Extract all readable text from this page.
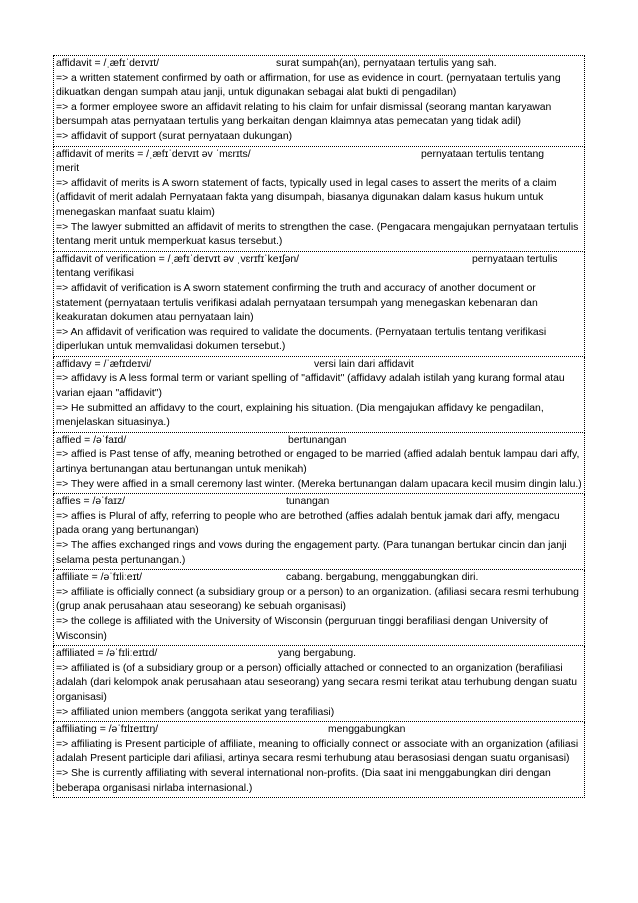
affidavit = /ˌæfɪˈdeɪvɪt/	surat sumpah(an), pernyataan tertulis yang sah.
=> a written statement confirmed by oath or affirmation, for use as evidence in court. (pernyataan tertulis yang dikuatkan dengan sumpah atau janji, untuk digunakan sebagai alat bukti di pengadilan)
=> a former employee swore an affidavit relating to his claim for unfair dismissal (seorang mantan karyawan bersumpah atas pernyataan tertulis yang berkaitan dengan klaimnya atas pemecatan yang tidak adil)
=> affidavit of support (surat pernyataan dukungan)
affidavit of merits = /ˌæfɪˈdeɪvɪt əv ˈmɛrɪts/	pernyataan tertulis tentang
merit
=> affidavit of merits is A sworn statement of facts, typically used in legal cases to assert the merits of a claim (affidavit of merit adalah Pernyataan fakta yang disumpah, biasanya digunakan dalam kasus hukum untuk menegaskan manfaat suatu klaim)
=> The lawyer submitted an affidavit of merits to strengthen the case. (Pengacara mengajukan pernyataan tertulis tentang merit untuk memperkuat kasus tersebut.)
affidavit of verification = /ˌæfɪˈdeɪvɪt əv ˌvɛrɪfɪˈkeɪʃən/	pernyataan tertulis
tentang verifikasi
=> affidavit of verification is A sworn statement confirming the truth and accuracy of another document or statement (pernyataan tertulis verifikasi adalah pernyataan tersumpah yang menegaskan kebenaran dan keakuratan dokumen atau pernyataan lain)
=> An affidavit of verification was required to validate the documents. (Pernyataan tertulis tentang verifikasi diperlukan untuk memvalidasi dokumen tersebut.)
affidavy = /ˈæfɪdeɪvi/	versi lain dari affidavit
=> affidavy is A less formal term or variant spelling of "affidavit" (affidavy adalah istilah yang kurang formal atau varian ejaan "affidavit")
=> He submitted an affidavy to the court, explaining his situation. (Dia mengajukan affidavy ke pengadilan, menjelaskan situasinya.)
affied = /əˈfaɪd/	bertunangan
=> affied is Past tense of affy, meaning betrothed or engaged to be married (affied adalah bentuk lampau dari affy, artinya bertunangan atau bertunangan untuk menikah)
=> They were affied in a small ceremony last winter. (Mereka bertunangan dalam upacara kecil musim dingin lalu.)
affies = /əˈfaɪz/	tunangan
=> affies is Plural of affy, referring to people who are betrothed (affies adalah bentuk jamak dari affy, mengacu pada orang yang bertunangan)
=> The affies exchanged rings and vows during the engagement party. (Para tunangan bertukar cincin dan janji selama pesta pertunangan.)
affiliate = /əˈfɪliːeɪt/	cabang. bergabung, menggabungkan diri.
=> affiliate is officially connect (a subsidiary group or a person) to an organization. (afiliasi secara resmi terhubung (grup anak perusahaan atau seseorang) ke sebuah organisasi)
=> the college is affiliated with the University of Wisconsin (perguruan tinggi berafiliasi dengan University of Wisconsin)
affiliated = /əˈfɪliːeɪtɪd/	yang bergabung.
=> affiliated is (of a subsidiary group or a person) officially attached or connected to an organization (berafiliasi adalah (dari kelompok anak perusahaan atau seseorang) yang secara resmi terikat atau terhubung dengan suatu organisasi)
=> affiliated union members (anggota serikat yang terafiliasi)
affiliating = /əˈfɪlɪeɪtɪŋ/	menggabungkan
=> affiliating is Present participle of affiliate, meaning to officially connect or associate with an organization (afiliasi adalah Present participle dari afiliasi, artinya secara resmi terhubung atau berasosiasi dengan suatu organisasi)
=> She is currently affiliating with several international non-profits. (Dia saat ini menggabungkan diri dengan beberapa organisasi nirlaba internasional.)
